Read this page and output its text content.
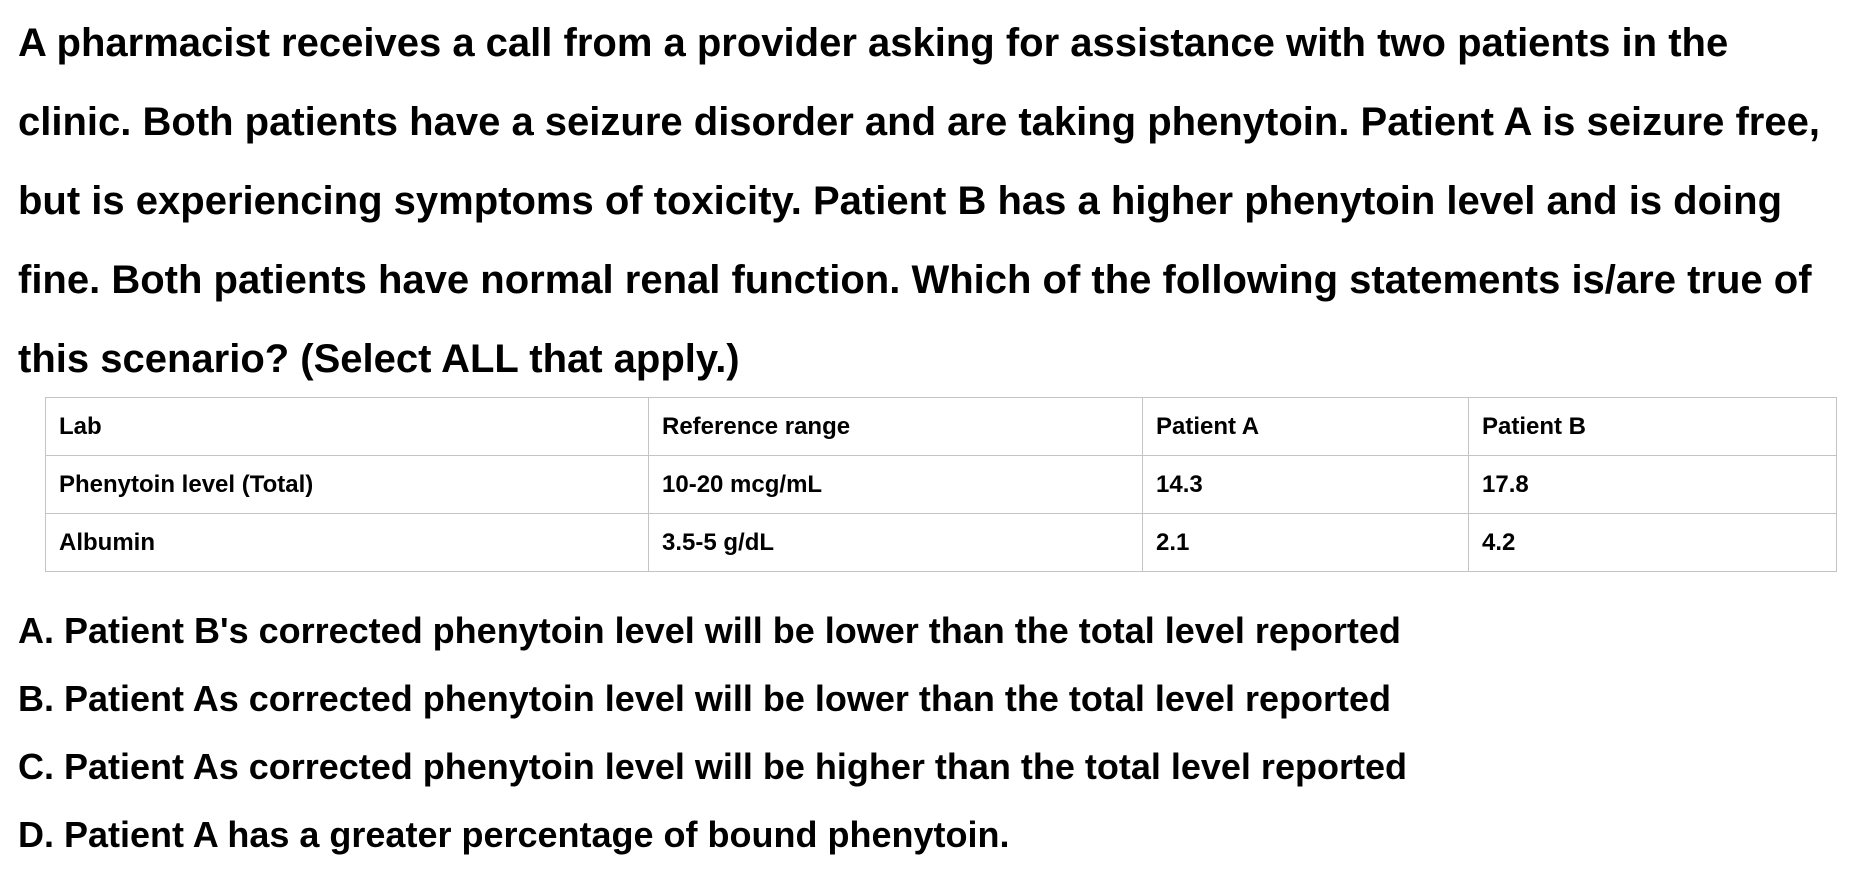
A pharmacist receives a call from a provider asking for assistance with two patients in the clinic. Both patients have a seizure disorder and are taking phenytoin. Patient A is seizure free, but is experiencing symptoms of toxicity. Patient B has a higher phenytoin level and is doing fine. Both patients have normal renal function. Which of the following statements is/are true of this scenario? (Select ALL that apply.)

Lab	Reference range	Patient A	Patient B
Phenytoin level (Total)	10-20 mcg/mL	14.3	17.8
Albumin	3.5-5 g/dL	2.1	4.2
A. Patient B's corrected phenytoin level will be lower than the total level reported
B. Patient As corrected phenytoin level will be lower than the total level reported
C. Patient As corrected phenytoin level will be higher than the total level reported
D. Patient A has a greater percentage of bound phenytoin.
